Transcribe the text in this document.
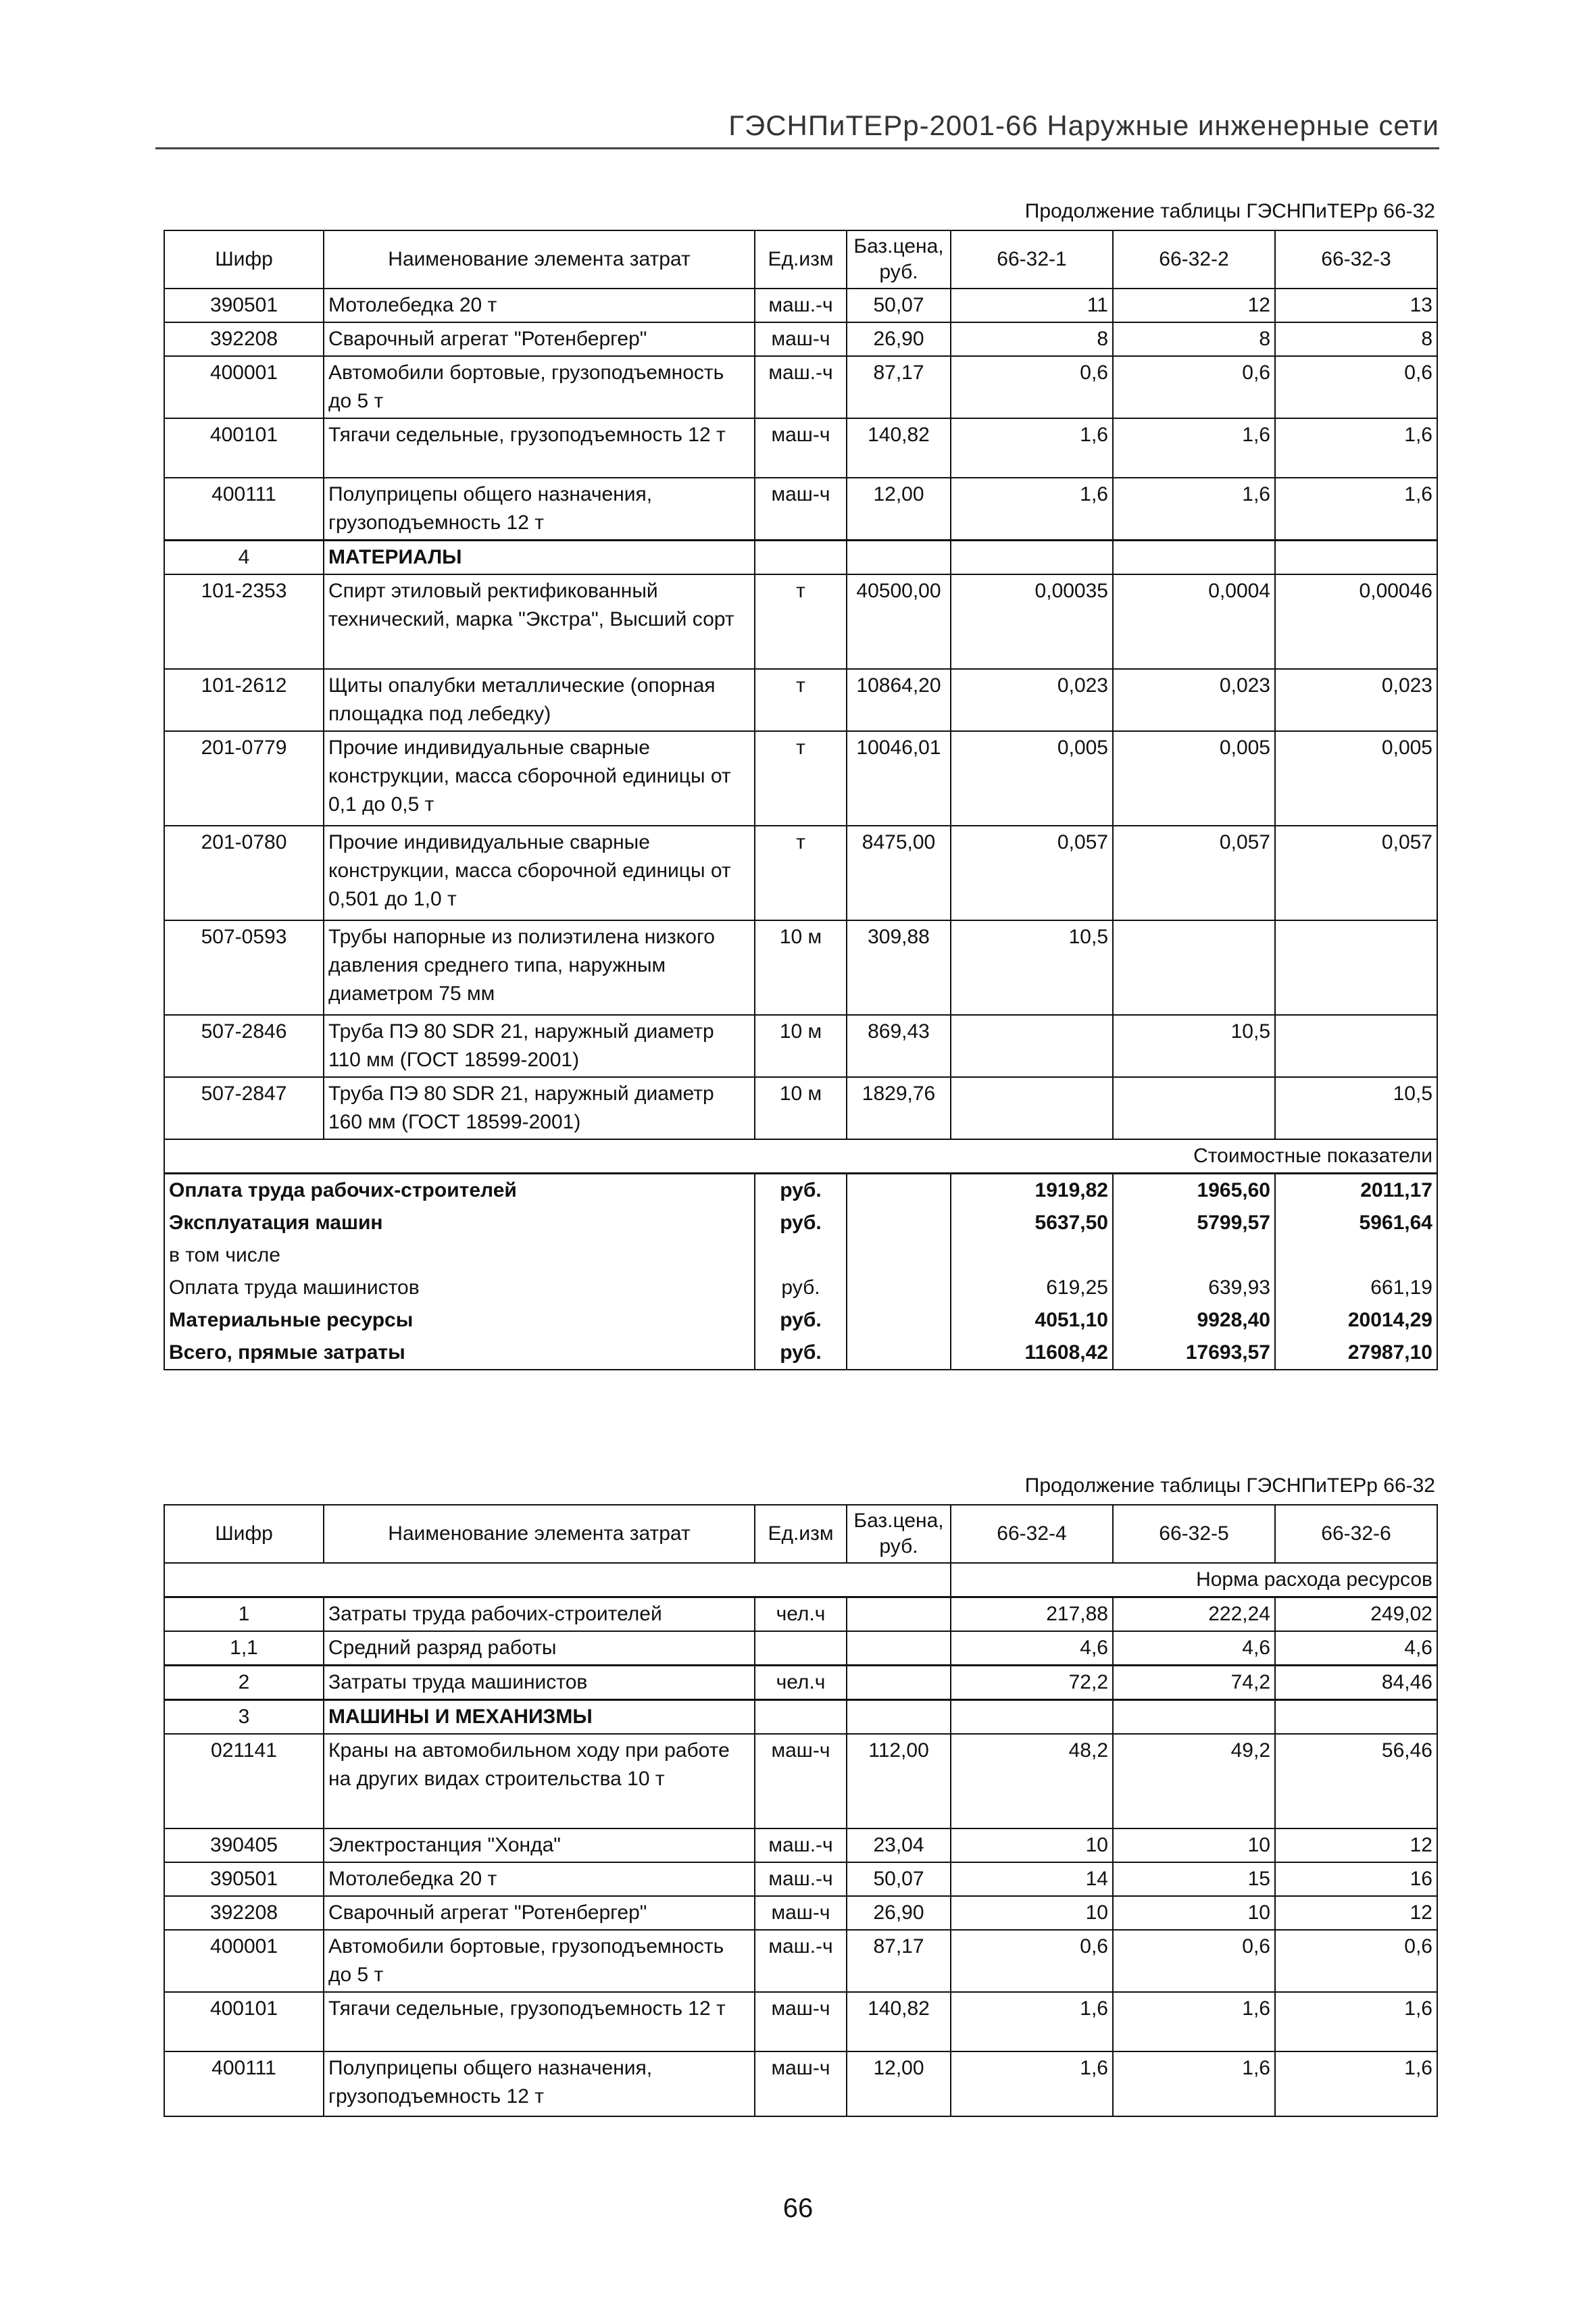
ГЭСНПиТЕРр-2001-66 Наружные инженерные сети
Продолжение таблицы ГЭСНПиТЕРр 66-32
Шифр	Наименование элемента затрат	Ед.изм	Баз.цена, руб.	66-32-1	66-32-2	66-32-3
390501	Мотолебедка 20 т	маш.-ч	50,07	11	12	13
392208	Сварочный агрегат "Ротенбергер"	маш-ч	26,90	8	8	8
400001	Автомобили бортовые, грузоподъемность до 5 т	маш.-ч	87,17	0,6	0,6	0,6
400101	Тягачи седельные, грузоподъемность 12 т	маш-ч	140,82	1,6	1,6	1,6
400111	Полуприцепы общего назначения, грузоподъемность 12 т	маш-ч	12,00	1,6	1,6	1,6
4	МАТЕРИАЛЫ					
101-2353	Спирт этиловый ректификованный технический, марка "Экстра", Высший сорт	т	40500,00	0,00035	0,0004	0,00046
101-2612	Щиты опалубки металлические (опорная площадка под лебедку)	т	10864,20	0,023	0,023	0,023
201-0779	Прочие индивидуальные сварные конструкции, масса сборочной единицы от 0,1 до 0,5 т	т	10046,01	0,005	0,005	0,005
201-0780	Прочие индивидуальные сварные конструкции, масса сборочной единицы от 0,501 до 1,0 т	т	8475,00	0,057	0,057	0,057
507-0593	Трубы напорные из полиэтилена низкого давления среднего типа, наружным диаметром 75 мм	10 м	309,88	10,5		
507-2846	Труба ПЭ 80 SDR 21, наружный диаметр 110 мм (ГОСТ 18599-2001)	10 м	869,43		10,5	
507-2847	Труба ПЭ 80 SDR 21, наружный диаметр 160 мм (ГОСТ 18599-2001)	10 м	1829,76			10,5
Стоимостные показатели						
Оплата труда рабочих-строителей		руб.		1919,82	1965,60	2011,17
Эксплуатация машин		руб.		5637,50	5799,57	5961,64
в том числе						
Оплата труда машинистов		руб.		619,25	639,93	661,19
Материальные ресурсы		руб.		4051,10	9928,40	20014,29
Всего, прямые затраты		руб.		11608,42	17693,57	27987,10
Продолжение таблицы ГЭСНПиТЕРр 66-32
Шифр	Наименование элемента затрат	Ед.изм	Баз.цена, руб.	66-32-4	66-32-5	66-32-6
				Норма расхода ресурсов		
1	Затраты труда рабочих-строителей	чел.ч		217,88	222,24	249,02
1,1	Средний разряд работы			4,6	4,6	4,6
2	Затраты труда машинистов	чел.ч		72,2	74,2	84,46
3	МАШИНЫ И МЕХАНИЗМЫ					
021141	Краны на автомобильном ходу при работе на других видах строительства 10 т	маш-ч	112,00	48,2	49,2	56,46
390405	Электростанция "Хонда"	маш.-ч	23,04	10	10	12
390501	Мотолебедка 20 т	маш.-ч	50,07	14	15	16
392208	Сварочный агрегат "Ротенбергер"	маш-ч	26,90	10	10	12
400001	Автомобили бортовые, грузоподъемность до 5 т	маш.-ч	87,17	0,6	0,6	0,6
400101	Тягачи седельные, грузоподъемность 12 т	маш-ч	140,82	1,6	1,6	1,6
400111	Полуприцепы общего назначения, грузоподъемность 12 т	маш-ч	12,00	1,6	1,6	1,6
66
